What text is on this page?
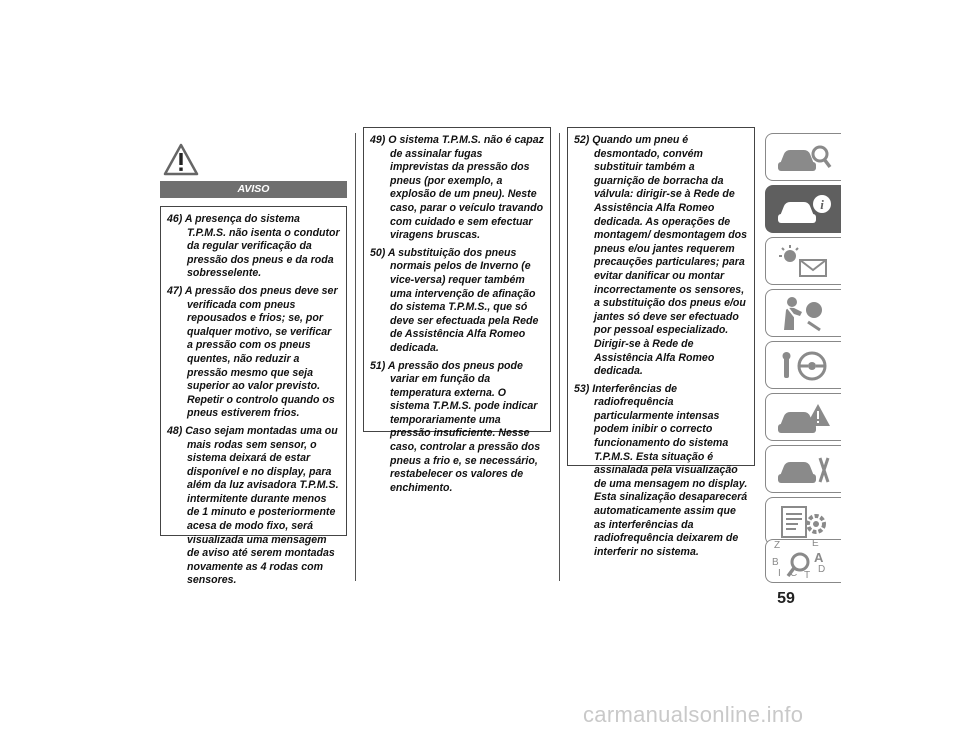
AVISO
46) A presença do sistema T.P.M.S. não isenta o condutor da regular verificação da pressão dos pneus e da roda sobresselente.
47) A pressão dos pneus deve ser verificada com pneus repousados e frios; se, por qualquer motivo, se verificar a pressão com os pneus quentes, não reduzir a pressão mesmo que seja superior ao valor previsto. Repetir o controlo quando os pneus estiverem frios.
48) Caso sejam montadas uma ou mais rodas sem sensor, o sistema deixará de estar disponível e no display, para além da luz avisadora T.P.M.S. intermitente durante menos de 1 minuto e posteriormente acesa de modo fixo, será visualizada uma mensagem de aviso até serem montadas novamente as 4 rodas com sensores.
49) O sistema T.P.M.S. não é capaz de assinalar fugas imprevistas da pressão dos pneus (por exemplo, a explosão de um pneu). Neste caso, parar o veículo travando com cuidado e sem efectuar viragens bruscas.
50) A substituição dos pneus normais pelos de Inverno (e vice-versa) requer também uma intervenção de afinação do sistema T.P.M.S., que só deve ser efectuada pela Rede de Assistência Alfa Romeo dedicada.
51) A pressão dos pneus pode variar em função da temperatura externa. O sistema T.P.M.S. pode indicar temporariamente uma pressão insuficiente. Nesse caso, controlar a pressão dos pneus a frio e, se necessário, restabelecer os valores de enchimento.
52) Quando um pneu é desmontado, convém substituir também a guarnição de borracha da válvula: dirigir-se à Rede de Assistência Alfa Romeo dedicada. As operações de montagem/ desmontagem dos pneus e/ou jantes requerem precauções particulares; para evitar danificar ou montar incorrectamente os sensores, a substituição dos pneus e/ou jantes só deve ser efectuado por pessoal especializado. Dirigir-se à Rede de Assistência Alfa Romeo dedicada.
53) Interferências de radiofrequência particularmente intensas podem inibir o correcto funcionamento do sistema T.P.M.S. Esta situação é assinalada pela visualização de uma mensagem no display. Esta sinalização desaparecerá automaticamente assim que as interferências da radiofrequência deixarem de interferir no sistema.
i
Z	E
B	A
I C T
D
59
carmanualsonline.info
